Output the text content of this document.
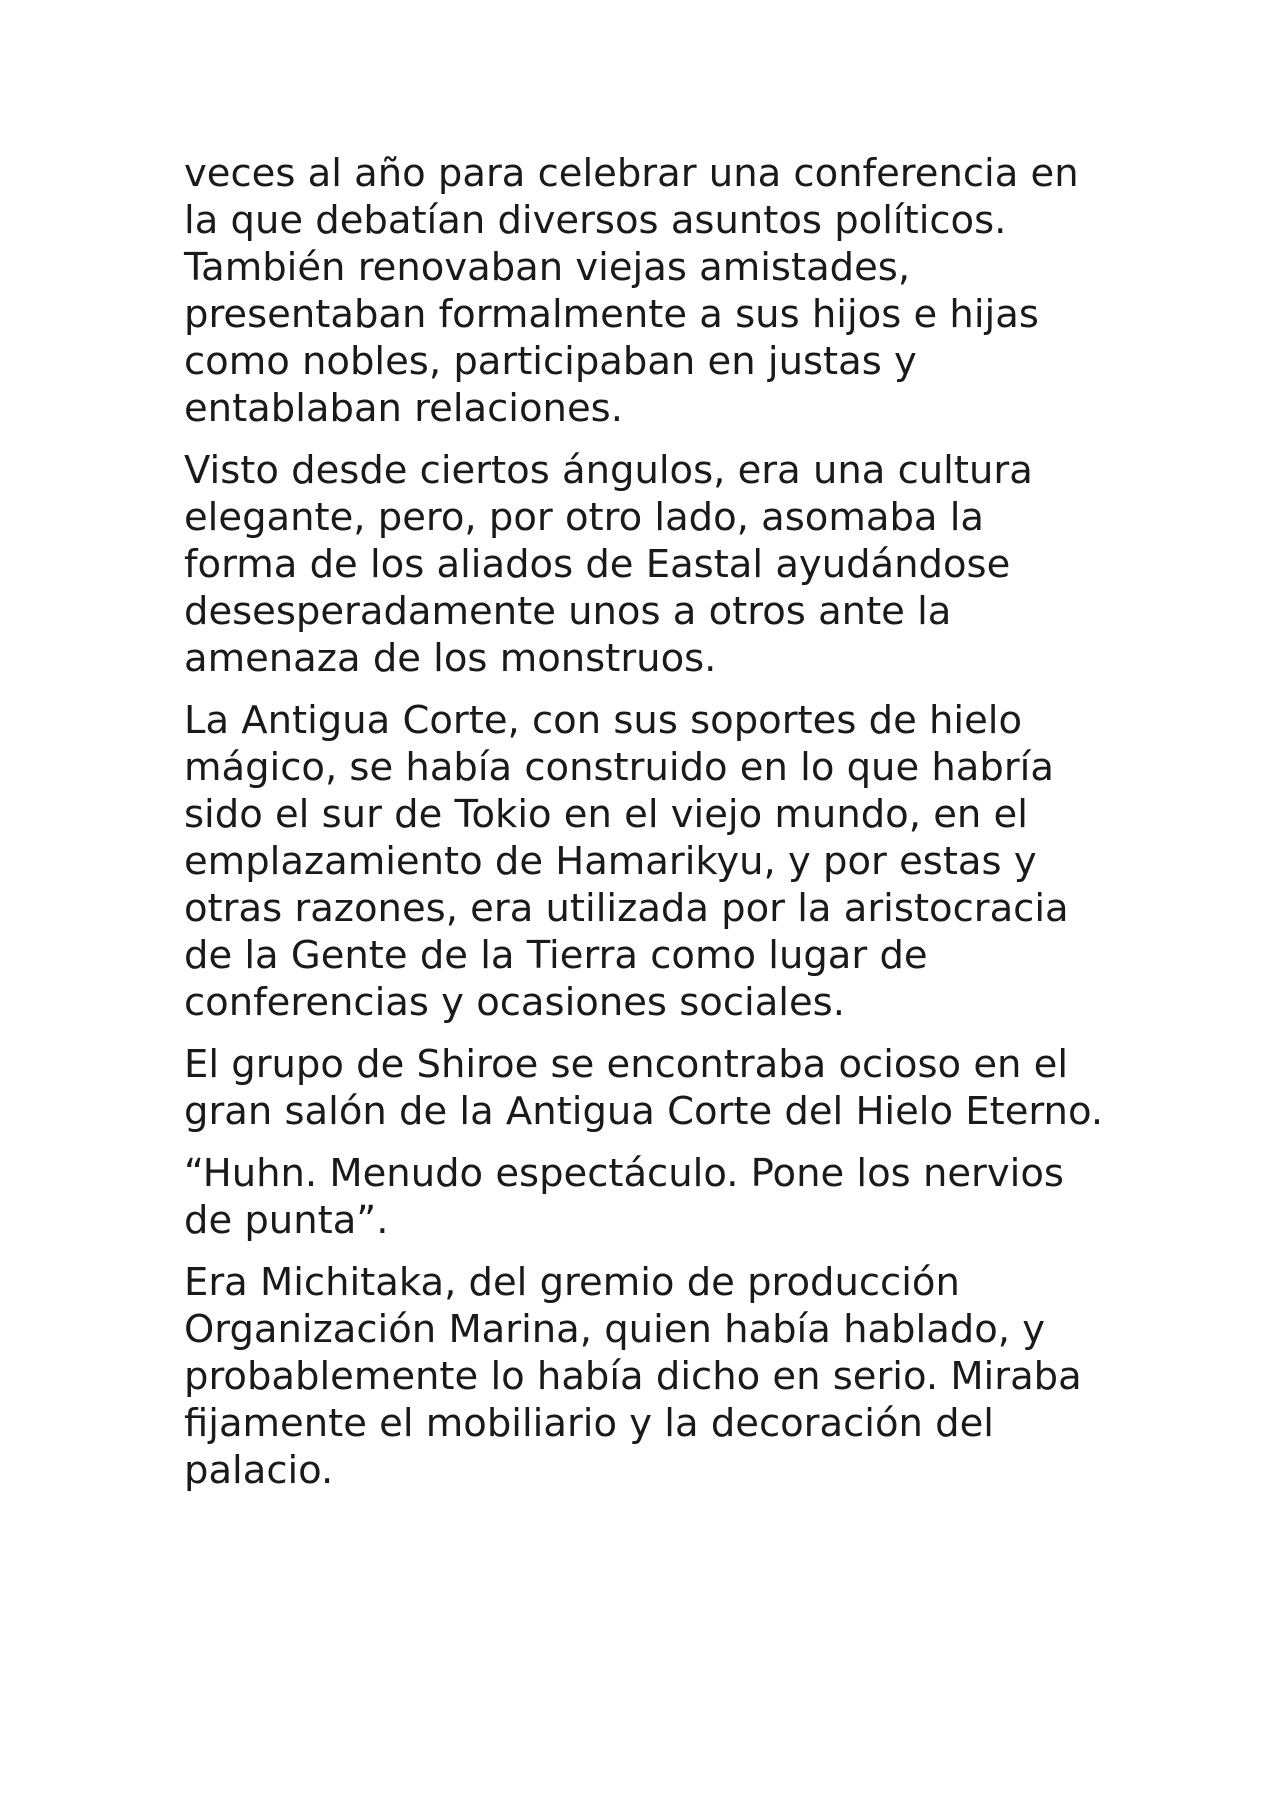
veces al año para celebrar una conferencia en la que debatían diversos asuntos políticos. También renovaban viejas amistades, presentaban formalmente a sus hijos e hijas como nobles, participaban en justas y entablaban relaciones.

Visto desde ciertos ángulos, era una cultura elegante, pero, por otro lado, asomaba la forma de los aliados de Eastal ayudándose desesperadamente unos a otros ante la amenaza de los monstruos.

La Antigua Corte, con sus soportes de hielo mágico, se había construido en lo que habría sido el sur de Tokio en el viejo mundo, en el emplazamiento de Hamarikyu, y por estas y otras razones, era utilizada por la aristocracia de la Gente de la Tierra como lugar de conferencias y ocasiones sociales.

El grupo de Shiroe se encontraba ocioso en el gran salón de la Antigua Corte del Hielo Eterno.

“Huhn. Menudo espectáculo. Pone los nervios de punta”.

Era Michitaka, del gremio de producción Organización Marina, quien había hablado, y probablemente lo había dicho en serio. Miraba fijamente el mobiliario y la decoración del palacio.
